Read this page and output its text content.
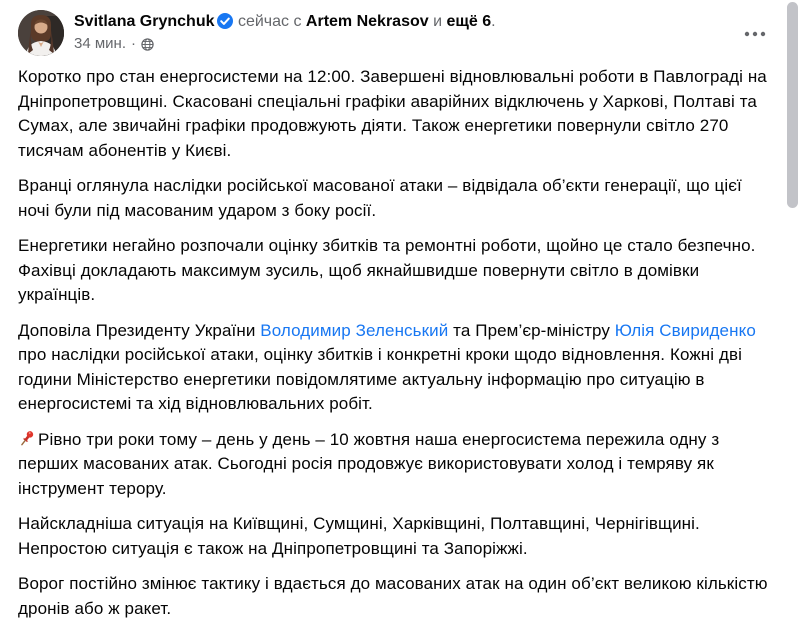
Svitlana Grynchuk сейчас с Artem Nekrasov и ещё 6.
34 мин. ·

Коротко про стан енергосистеми на 12:00. Завершені відновлювальні роботи в Павлограді на Дніпропетровщині. Скасовані спеціальні графіки аварійних відключень у Харкові, Полтаві та Сумах, але звичайні графіки продовжують діяти. Також енергетики повернули світло 270 тисячам абонентів у Києві.

Вранці оглянула наслідки російської масованої атаки – відвідала об’єкти генерації, що цієї ночі були під масованим ударом з боку росії.

Енергетики негайно розпочали оцінку збитків та ремонтні роботи, щойно це стало безпечно. Фахівці докладають максимум зусиль, щоб якнайшвидше повернути світло в домівки українців.

Доповіла Президенту України Володимир Зеленський та Прем’єр-міністру Юлія Свириденко про наслідки російської атаки, оцінку збитків і конкретні кроки щодо відновлення. Кожні дві години Міністерство енергетики повідомлятиме актуальну інформацію про ситуацію в енергосистемі та хід відновлювальних робіт.

Рівно три роки тому – день у день – 10 жовтня наша енергосистема пережила одну з перших масованих атак. Сьогодні росія продовжує використовувати холод і темряву як інструмент терору.

Найскладніша ситуація на Київщині, Сумщині, Харківщині, Полтавщині, Чернігівщині. Непростою ситуація є також на Дніпропетровщині та Запоріжжі.

Ворог постійно змінює тактику і вдається до масованих атак на один об’єкт великою кількістю дронів або ж ракет.
